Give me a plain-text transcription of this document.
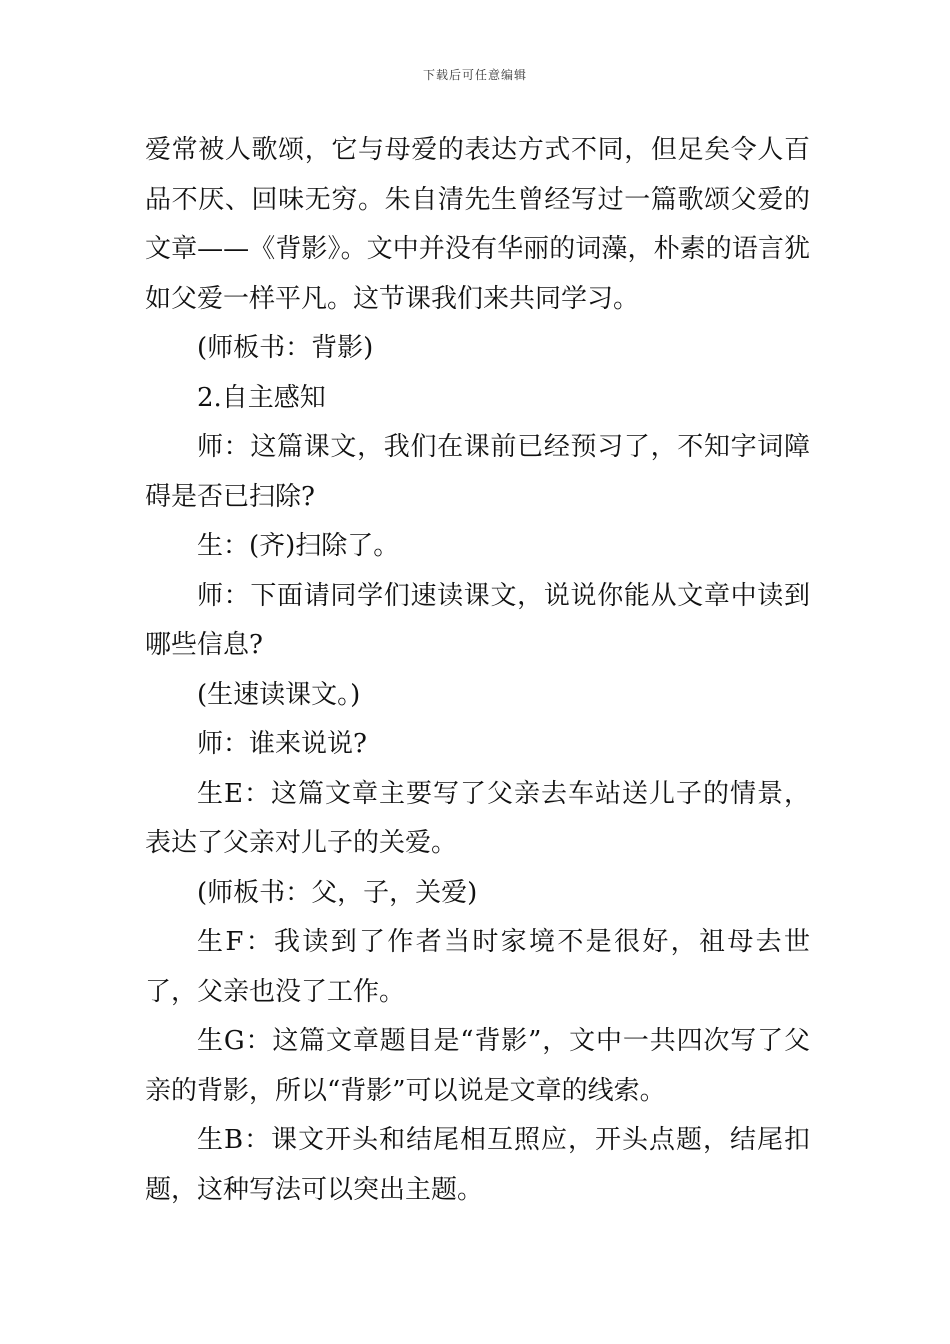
下载后可任意编辑

爱常被人歌颂，它与母爱的表达方式不同，但足矣令人百品不厌、回味无穷。朱自清先生曾经写过一篇歌颂父爱的文章——《背影》。文中并没有华丽的词藻，朴素的语言犹如父爱一样平凡。这节课我们来共同学习。

(师板书：背影)

2.自主感知

师：这篇课文，我们在课前已经预习了，不知字词障碍是否已扫除?

生：(齐)扫除了。

师：下面请同学们速读课文，说说你能从文章中读到哪些信息?

(生速读课文。)

师：谁来说说?

生E：这篇文章主要写了父亲去车站送儿子的情景，表达了父亲对儿子的关爱。

(师板书：父，子，关爱)

生F：我读到了作者当时家境不是很好，祖母去世了，父亲也没了工作。

生G：这篇文章题目是“背影”，文中一共四次写了父亲的背影，所以“背影”可以说是文章的线索。

生B：课文开头和结尾相互照应，开头点题，结尾扣题，这种写法可以突出主题。
